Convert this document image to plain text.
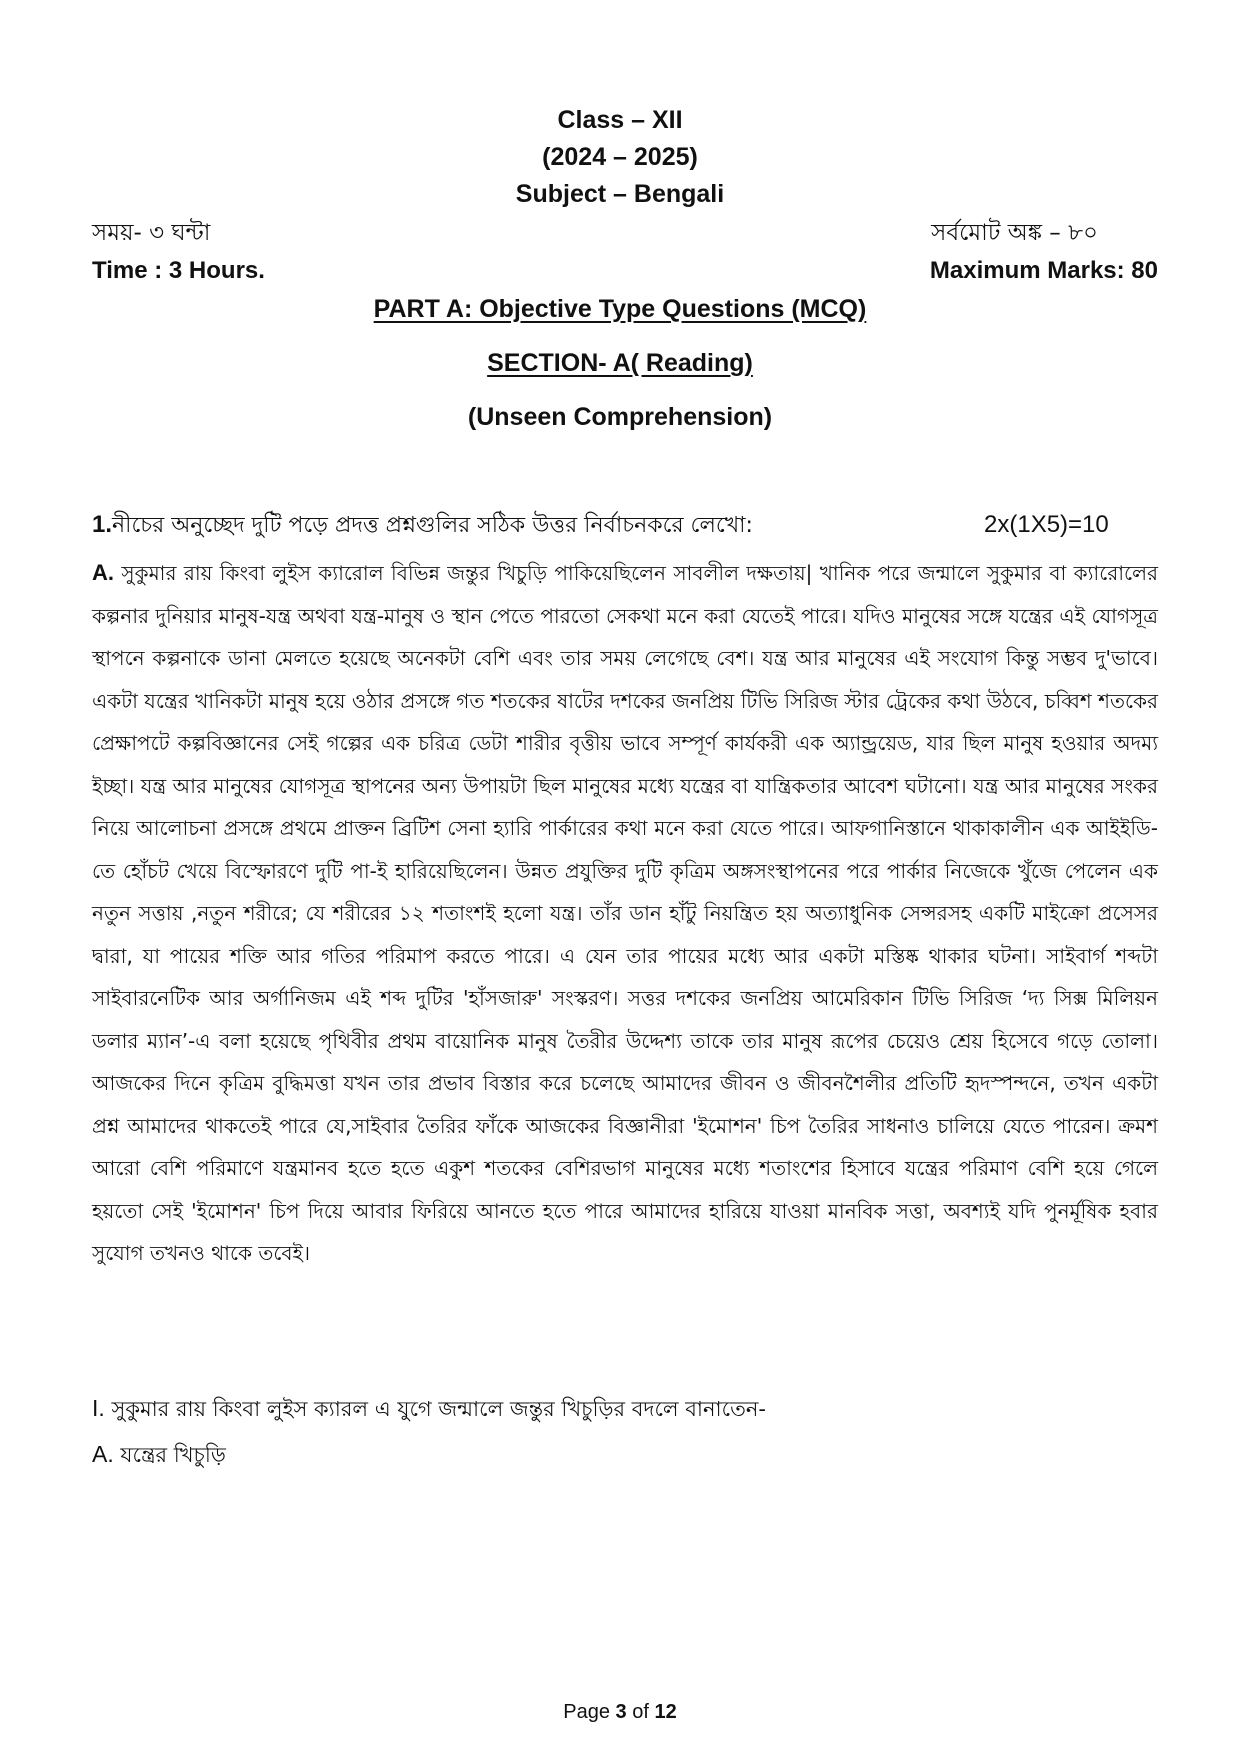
Class – XII
(2024 – 2025)
Subject – Bengali
সময়- ৩ ঘন্টা	সর্বমোট অঙ্ক – ৮০
Time : 3 Hours.	Maximum Marks: 80
PART A: Objective Type Questions (MCQ)
SECTION- A( Reading)
(Unseen Comprehension)
1.নীচের অনুচ্ছেদ দুটি পড়ে প্রদত্ত প্রশ্নগুলির সঠিক উত্তর নির্বাচনকরে লেখো:	2x(1X5)=10

A. সুকুমার রায় কিংবা লুইস ক্যারোল বিভিন্ন জন্তুর খিচুড়ি পাকিয়েছিলেন সাবলীল দক্ষতায়| খানিক পরে জন্মালে সুকুমার বা ক্যারোলের কল্পনার দুনিয়ার মানুষ-যন্ত্র অথবা যন্ত্র-মানুষ ও স্থান পেতে পারতো সেকথা মনে করা যেতেই পারে। যদিও মানুষের সঙ্গে যন্ত্রের এই যোগসূত্র স্থাপনে কল্পনাকে ডানা মেলতে হয়েছে অনেকটা বেশি এবং তার সময় লেগেছে বেশ। যন্ত্র আর মানুষের এই সংযোগ কিন্তু সম্ভব দু'ভাবে। একটা যন্ত্রের খানিকটা মানুষ হয়ে ওঠার প্রসঙ্গে গত শতকের ষাটের দশকের জনপ্রিয় টিভি সিরিজ স্টার ট্রেকের কথা উঠবে, চব্বিশ শতকের প্রেক্ষাপটে কল্পবিজ্ঞানের সেই গল্পের এক চরিত্র ডেটা শারীর বৃত্তীয় ভাবে সম্পূর্ণ কার্যকরী এক অ্যান্ড্রয়েড, যার ছিল মানুষ হওয়ার অদম্য ইচ্ছা। যন্ত্র আর মানুষের যোগসূত্র স্থাপনের অন্য উপায়টা ছিল মানুষের মধ্যে যন্ত্রের বা যান্ত্রিকতার আবেশ ঘটানো। যন্ত্র আর মানুষের সংকর নিয়ে আলোচনা প্রসঙ্গে প্রথমে প্রাক্তন ব্রিটিশ সেনা হ্যারি পার্কারের কথা মনে করা যেতে পারে। আফগানিস্তানে থাকাকালীন এক আইইডি- তে হোঁচট খেয়ে বিস্ফোরণে দুটি পা-ই হারিয়েছিলেন। উন্নত প্রযুক্তির দুটি কৃত্রিম অঙ্গসংস্থাপনের পরে পার্কার নিজেকে খুঁজে পেলেন এক নতুন সত্তায় ,নতুন শরীরে; যে শরীরের ১২ শতাংশই হলো যন্ত্র। তাঁর ডান হাঁটু নিয়ন্ত্রিত হয় অত্যাধুনিক সেন্সরসহ একটি মাইক্রো প্রসেসর দ্বারা, যা পায়ের শক্তি আর গতির পরিমাপ করতে পারে। এ যেন তার পায়ের মধ্যে আর একটা মস্তিষ্ক থাকার ঘটনা। সাইবার্গ শব্দটা সাইবারনেটিক আর অর্গানিজম এই শব্দ দুটির 'হাঁসজারু' সংস্করণ। সত্তর দশকের জনপ্রিয় আমেরিকান টিভি সিরিজ ‘দ্য সিক্স মিলিয়ন ডলার ম্যান’-এ বলা হয়েছে পৃথিবীর প্রথম বায়োনিক মানুষ তৈরীর উদ্দেশ্য তাকে তার মানুষ রূপের চেয়েও শ্রেয় হিসেবে গড়ে তোলা। আজকের দিনে কৃত্রিম বুদ্ধিমত্তা যখন তার প্রভাব বিস্তার করে চলেছে আমাদের জীবন ও জীবনশৈলীর প্রতিটি হৃদস্পন্দনে, তখন একটা প্রশ্ন আমাদের থাকতেই পারে যে,সাইবার তৈরির ফাঁকে আজকের বিজ্ঞানীরা 'ইমোশন' চিপ তৈরির সাধনাও চালিয়ে যেতে পারেন। ক্রমশ আরো বেশি পরিমাণে যন্ত্রমানব হতে হতে একুশ শতকের বেশিরভাগ মানুষের মধ্যে শতাংশের হিসাবে যন্ত্রের পরিমাণ বেশি হয়ে গেলে হয়তো সেই 'ইমোশন' চিপ দিয়ে আবার ফিরিয়ে আনতে হতে পারে আমাদের হারিয়ে যাওয়া মানবিক সত্তা, অবশ্যই যদি পুনর্মূষিক হবার সুযোগ তখনও থাকে তবেই।

I. সুকুমার রায় কিংবা লুইস ক্যারল এ যুগে জন্মালে জন্তুর খিচুড়ির বদলে বানাতেন-
A. যন্ত্রের খিচুড়ি
Page 3 of 12
